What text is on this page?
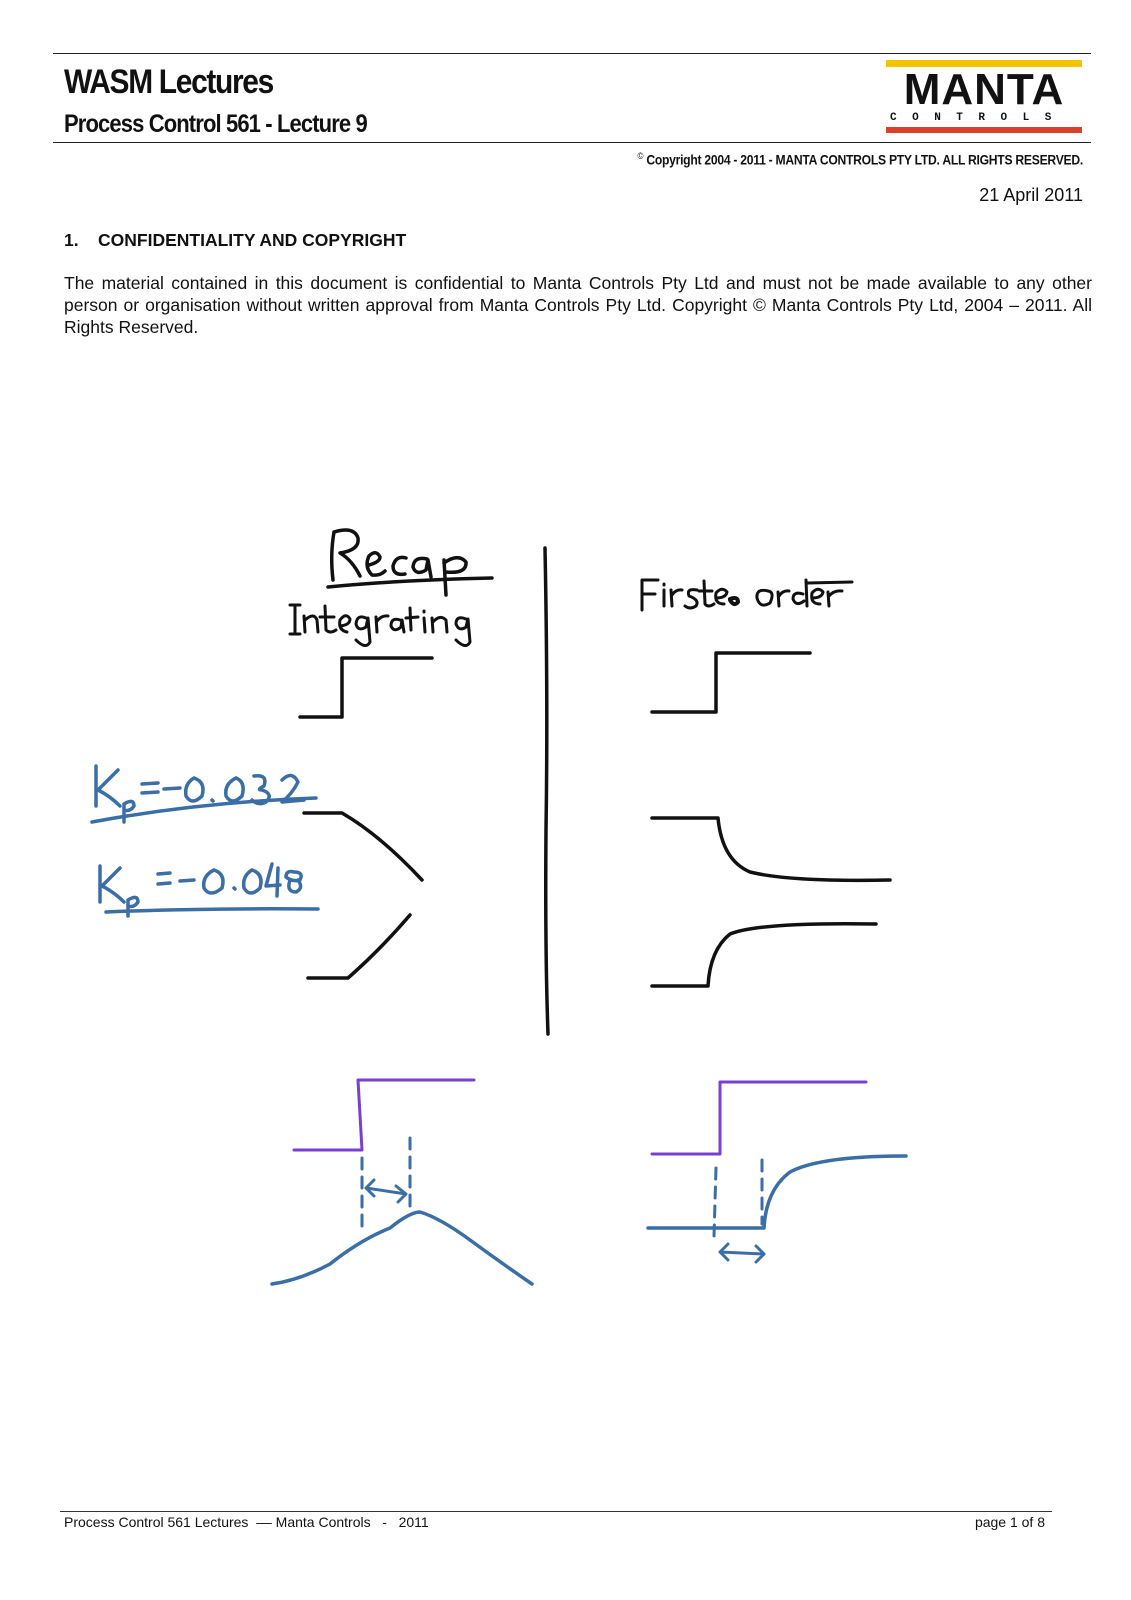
WASM Lectures
Process Control 561 - Lecture 9
MANTA
CONTROLS
© Copyright 2004 - 2011 - MANTA CONTROLS PTY LTD. ALL RIGHTS RESERVED.
21 April 2011
1. CONFIDENTIALITY AND COPYRIGHT
The material contained in this document is confidential to Manta Controls Pty Ltd and must not be made available to any other person or organisation without written approval from Manta Controls Pty Ltd. Copyright © Manta Controls Pty Ltd, 2004 – 2011. All Rights Reserved.
Process Control 561 Lectures  –– Manta Controls   -   2011	page 1 of 8
